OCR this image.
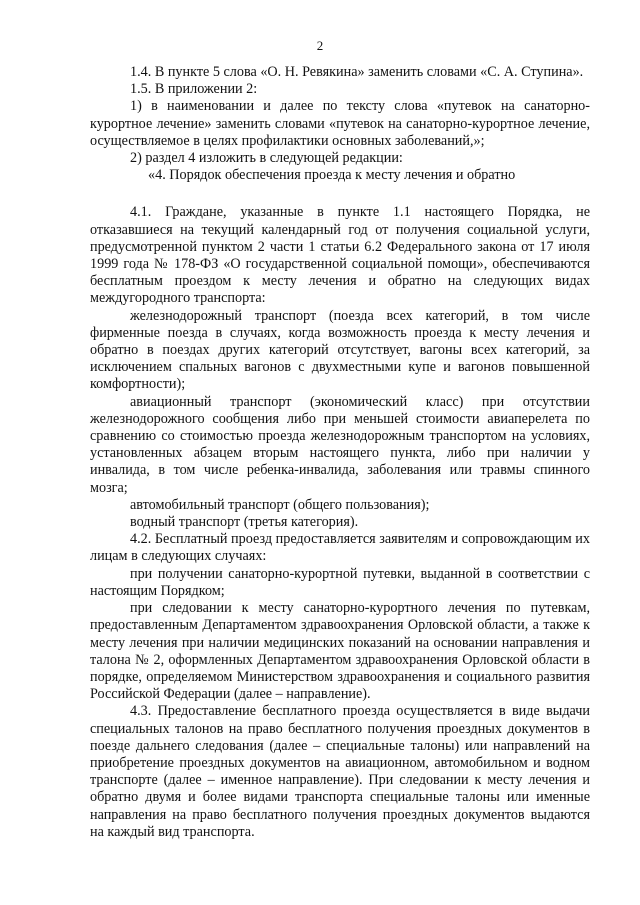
2

1.4. В пункте 5 слова «О. Н. Ревякина» заменить словами «С. А. Ступина».

1.5. В приложении 2:

1) в наименовании и далее по тексту слова «путевок на санаторно-курортное лечение» заменить словами «путевок на санаторно-курортное лечение, осуществляемое в целях профилактики основных заболеваний,»;

2) раздел 4 изложить в следующей редакции:

«4. Порядок обеспечения проезда к месту лечения и обратно

4.1. Граждане, указанные в пункте 1.1 настоящего Порядка, не отказавшиеся на текущий календарный год от получения социальной услуги, предусмотренной пунктом 2 части 1 статьи 6.2 Федерального закона от 17 июля 1999 года № 178-ФЗ «О государственной социальной помощи», обеспечиваются бесплатным проездом к месту лечения и обратно на следующих видах междугородного транспорта:

железнодорожный транспорт (поезда всех категорий, в том числе фирменные поезда в случаях, когда возможность проезда к месту лечения и обратно в поездах других категорий отсутствует, вагоны всех категорий, за исключением спальных вагонов с двухместными купе и вагонов повышенной комфортности);

авиационный транспорт (экономический класс) при отсутствии железнодорожного сообщения либо при меньшей стоимости авиаперелета по сравнению со стоимостью проезда железнодорожным транспортом на условиях, установленных абзацем вторым настоящего пункта, либо при наличии у инвалида, в том числе ребенка-инвалида, заболевания или травмы спинного мозга;

автомобильный транспорт (общего пользования);

водный транспорт (третья категория).

4.2. Бесплатный проезд предоставляется заявителям и сопровождающим их лицам в следующих случаях:

при получении санаторно-курортной путевки, выданной в соответствии с настоящим Порядком;

при следовании к месту санаторно-курортного лечения по путевкам, предоставленным Департаментом здравоохранения Орловской области, а также к месту лечения при наличии медицинских показаний на основании направления и талона № 2, оформленных Департаментом здравоохранения Орловской области в порядке, определяемом Министерством здравоохранения и социального развития Российской Федерации (далее – направление).

4.3. Предоставление бесплатного проезда осуществляется в виде выдачи специальных талонов на право бесплатного получения проездных документов в поезде дальнего следования (далее – специальные талоны) или направлений на приобретение проездных документов на авиационном, автомобильном и водном транспорте (далее – именное направление). При следовании к месту лечения и обратно двумя и более видами транспорта специальные талоны или именные направления на право бесплатного получения проездных документов выдаются на каждый вид транспорта.
